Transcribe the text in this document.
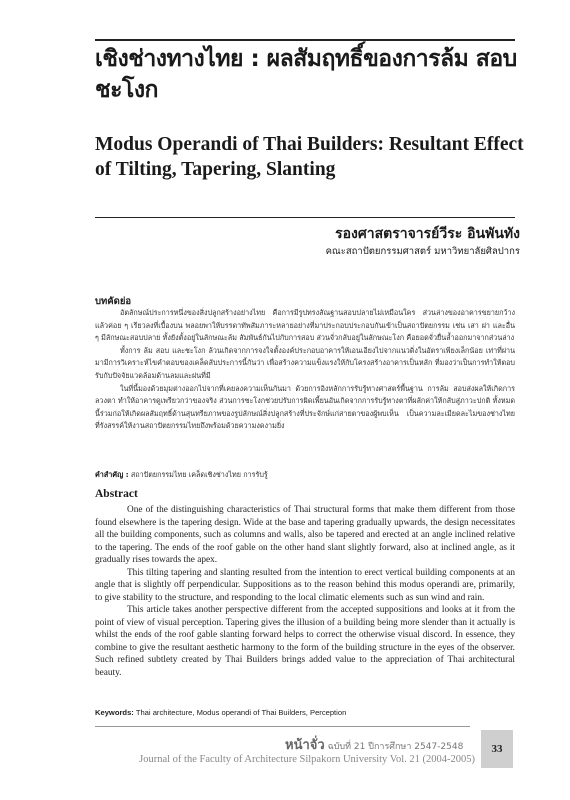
เชิงช่างทางไทย : ผลสัมฤทธิ์ของการล้ม สอบ ชะโงก
Modus Operandi of Thai Builders: Resultant Effect of Tilting, Tapering, Slanting
รองศาสตราจารย์วีระ อินพันทัง
คณะสถาปัตยกรรมศาสตร์ มหาวิทยาลัยศิลปากร
บทคัดย่อ

อัตลักษณ์ประการหนึ่งของสิ่งปลูกสร้างอย่างไทย คือการมีรูปทรงสัณฐานสอบปลายไม่เหมือนใคร ส่วนล่างของอาคารขยายกว้างแล้วค่อย ๆ เรียวลงที่เบื้องบน พลอยพาให้บรรดาทัพสัมภาระหลายอย่างที่มาประกอบประกอบกันเข้าเป็นสถาปัตยกรรม เช่น เสา ฝา และอื่น ๆ มีลักษณะสอบปลาย ทั้งยังตั้งอยู่ในลักษณะล้ม สัมพันธ์กันไปกับการสอบ ส่วนจั่วกลับอยู่ในลักษณะโงก คือยอดจั่วยื่นล้ำออกมาจากส่วนล่าง

ทั้งการ ล้ม สอบ และชะโงก ล้วนเกิดจากการจงใจตั้งองค์ประกอบอาคารให้เอนเอียงไปจากแนวดิ่งในอัตราเพียงเล็กน้อย เท่าที่ผ่านมามีการวิเคราะห์ไขคำตอบของเคล็ดลับประการนี้กันว่า เพื่อสร้างความแข็งแรงให้กับโครงสร้างอาคารเป็นหลัก ที่มองว่าเป็นการทำให้ตอบรับกับปัจจัยแวดล้อมด้านลมและฝนที่มี

ในที่นี้มองด้วยมุมต่างออกไปจากที่เคยลงความเห็นกันมา ด้วยการอิงหลักการรับรู้ทางศาสตร์พื้นฐาน การล้ม สอบส่งผลให้เกิดการลวงตา ทำให้อาคารดูเพรียวกว่าของจริง ส่วนการชะโงกช่วยปรับการผิดเพี้ยนอันเกิดจากการรับรู้ทางตาที่ผลักค่าให้กลับสู่ภาวะปกติ ทั้งหมดนี้ร่วมก่อให้เกิดผลสัมฤทธิ์ด้านสุนทรียภาพของรูปลักษณ์สิ่งปลูกสร้างที่ประจักษ์แก่สายตาของผู้พบเห็น เป็นความละเมียดละไมของช่างไทย ที่รังสรรค์ให้งานสถาปัตยกรรมไทยถึงพร้อมด้วยความงดงามยิ่ง

คำสำคัญ : สถาปัตยกรรมไทย เคล็ดเชิงช่างไทย การรับรู้
Abstract

One of the distinguishing characteristics of Thai structural forms that make them different from those found elsewhere is the tapering design. Wide at the base and tapering gradually upwards, the design necessitates all the building components, such as columns and walls, also be tapered and erected at an angle inclined relative to the tapering. The ends of the roof gable on the other hand slant slightly forward, also at inclined angle, as it gradually rises towards the apex.

This tilting tapering and slanting resulted from the intention to erect vertical building components at an angle that is slightly off perpendicular. Suppositions as to the reason behind this modus operandi are, primarily, to give stability to the structure, and responding to the local climatic elements such as sun wind and rain.

This article takes another perspective different from the accepted suppositions and looks at it from the point of view of visual perception. Tapering gives the illusion of a building being more slender than it actually is whilst the ends of the roof gable slanting forward helps to correct the otherwise visual discord. In essence, they combine to give the resultant aesthetic harmony to the form of the building structure in the eyes of the observer. Such refined subtlety created by Thai Builders brings added value to the appreciation of Thai architectural beauty.

Keywords: Thai architecture, Modus operandi of Thai Builders, Perception
หน้าจั่ว ฉบับที่ 21 ปีการศึกษา 2547-2548
Journal of the Faculty of Architecture Silpakorn University Vol. 21 (2004-2005)
33
